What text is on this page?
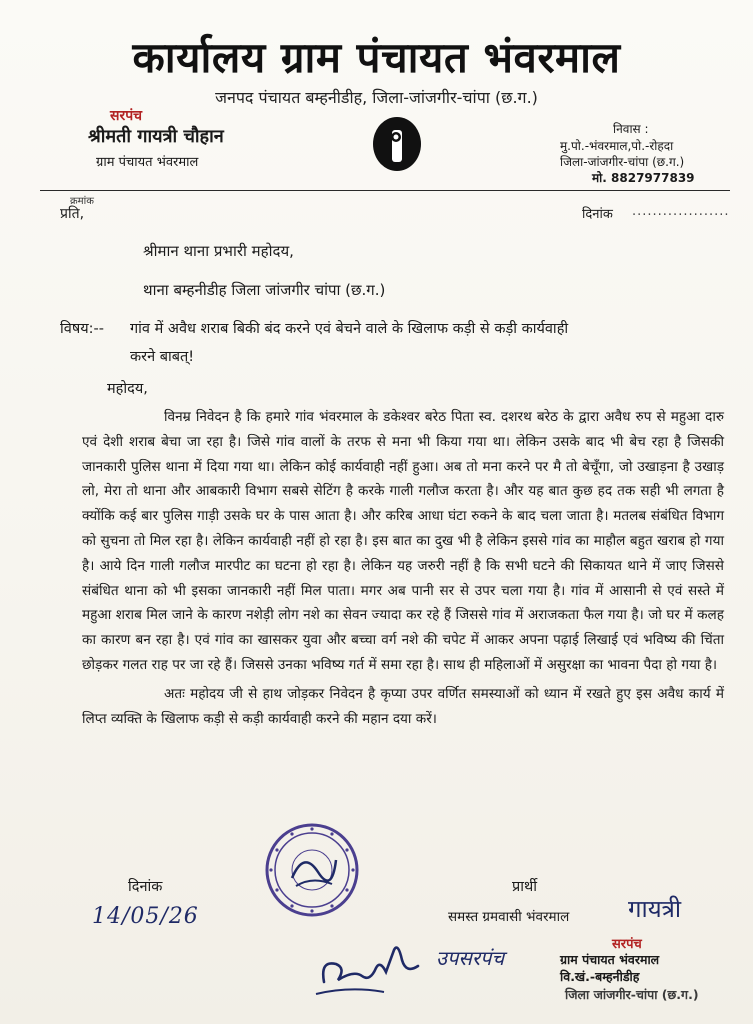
कार्यालय ग्राम पंचायत भंवरमाल
जनपद पंचायत बम्हनीडीह, जिला-जांजगीर-चांपा (छ.ग.)
सरपंच
श्रीमती गायत्री चौहान
ग्राम पंचायत भंवरमाल
निवास :
मु.पो.-भंवरमाल,पो.-रोहदा
जिला-जांजगीर-चांपा (छ.ग.)
मो. 8827977839
क्रमांक
प्रति,	दिनांक ...................
श्रीमान थाना प्रभारी महोदय,
थाना बम्हनीडीह जिला जांजगीर चांपा (छ.ग.)
विषय:-- गांव में अवैध शराब बिकी बंद करने एवं बेचने वाले के खिलाफ कड़ी से कड़ी कार्यवाही
करने बाबत्!
महोदय,

विनम्र निवेदन है कि हमारे गांव भंवरमाल के डकेश्वर बरेठ पिता स्व. दशरथ बरेठ के द्वारा अवैध रुप से महुआ दारु एवं देशी शराब बेचा जा रहा है। जिसे गांव वालों के तरफ से मना भी किया गया था। लेकिन उसके बाद भी बेच रहा है जिसकी जानकारी पुलिस थाना में दिया गया था। लेकिन कोई कार्यवाही नहीं हुआ। अब तो मना करने पर मै तो बेचूँगा, जो उखाड़ना है उखाड़ लो, मेरा तो थाना और आबकारी विभाग सबसे सेटिंग है करके गाली गलौज करता है। और यह बात कुछ हद तक सही भी लगता है क्योंकि कई बार पुलिस गाड़ी उसके घर के पास आता है। और करिब आधा घंटा रुकने के बाद चला जाता है। मतलब संबंधित विभाग को सुचना तो मिल रहा है। लेकिन कार्यवाही नहीं हो रहा है। इस बात का दुख भी है लेकिन इससे गांव का माहौल बहुत खराब हो गया है। आये दिन गाली गलौज मारपीट का घटना हो रहा है। लेकिन यह जरुरी नहीं है कि सभी घटने की सिकायत थाने में जाए जिससे संबंधित थाना को भी इसका जानकारी नहीं मिल पाता। मगर अब पानी सर से उपर चला गया है। गांव में आसानी से एवं सस्ते में महुआ शराब मिल जाने के कारण नशेड़ी लोग नशे का सेवन ज्यादा कर रहे हैं जिससे गांव में अराजकता फैल गया है। जो घर में कलह का कारण बन रहा है। एवं गांव का खासकर युवा और बच्चा वर्ग नशे की चपेट में आकर अपना पढ़ाई लिखाई एवं भविष्य की चिंता छोड़कर गलत राह पर जा रहे हैं। जिससे उनका भविष्य गर्त में समा रहा है। साथ ही महिलाओं में असुरक्षा का भावना पैदा हो गया है।

अतः महोदय जी से हाथ जोड़कर निवेदन है कृप्या उपर वर्णित समस्याओं को ध्यान में रखते हुए इस अवैध कार्य में लिप्त व्यक्ति के खिलाफ कड़ी से कड़ी कार्यवाही करने की महान दया करें।

दिनांक
14/05/26
प्रार्थी
समस्त ग्रमवासी भंवरमाल गायत्री
उपसरपंच
सरपंच
ग्राम पंचायत भंवरमाल
वि.खं.-बम्हनीडीह
जिला जांजगीर-चांपा (छ.ग.)
